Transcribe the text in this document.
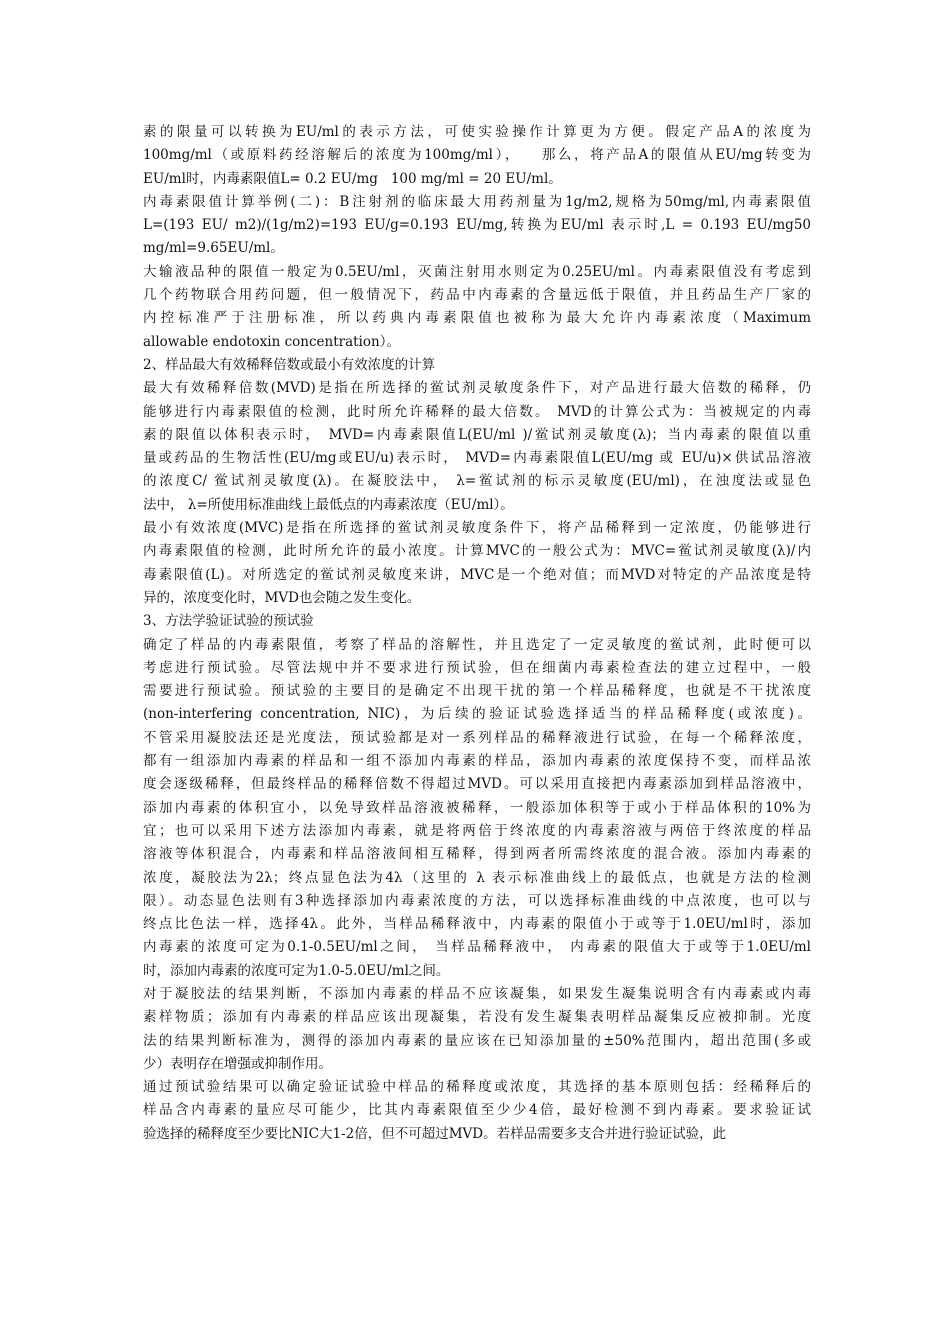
素的限量可以转换为EU/ml的表示方法，可使实验操作计算更为方便。假定产品A的浓度为
100mg/ml（或原料药经溶解后的浓度为100mg/ml），   那么，将产品A的限值从EU/mg转变为
EU/ml时，内毒素限值L= 0.2 EU/mg   100 mg/ml = 20 EU/ml。
内毒素限值计算举例(二)：B注射剂的临床最大用药剂量为1g/m2,规格为50mg/ml,内毒素限值
L=(193 EU/ m2)/(1g/m2)=193 EU/g=0.193 EU/mg,转换为EU/ml 表示时,L = 0.193 EU/mg50
mg/ml=9.65EU/ml。
大输液品种的限值一般定为0.5EU/ml，灭菌注射用水则定为0.25EU/ml。内毒素限值没有考虑到
几个药物联合用药问题，但一般情况下，药品中内毒素的含量远低于限值，并且药品生产厂家的
内控标准严于注册标准，所以药典内毒素限值也被称为最大允许内毒素浓度（Maximum
allowable endotoxin concentration）。
2、样品最大有效稀释倍数或最小有效浓度的计算
最大有效稀释倍数(MVD)是指在所选择的鲎试剂灵敏度条件下，对产品进行最大倍数的稀释，仍
能够进行内毒素限值的检测，此时所允许稀释的最大倍数。 MVD的计算公式为：当被规定的内毒
素的限值以体积表示时， MVD=内毒素限值L(EU/ml )/鲎试剂灵敏度(λ)；当内毒素的限值以重
量或药品的生物活性(EU/mg或EU/u)表示时， MVD=内毒素限值L(EU/mg 或 EU/u)×供试品溶液
的浓度C/ 鲎试剂灵敏度(λ)。在凝胶法中， λ=鲎试剂的标示灵敏度(EU/ml)，在浊度法或显色
法中， λ=所使用标准曲线上最低点的内毒素浓度（EU/ml）。
最小有效浓度(MVC)是指在所选择的鲎试剂灵敏度条件下，将产品稀释到一定浓度，仍能够进行
内毒素限值的检测，此时所允许的最小浓度。计算MVC的一般公式为：MVC=鲎试剂灵敏度(λ)/内
毒素限值(L)。对所选定的鲎试剂灵敏度来讲，MVC是一个绝对值；而MVD对特定的产品浓度是特
异的，浓度变化时，MVD也会随之发生变化。
3、方法学验证试验的预试验
确定了样品的内毒素限值，考察了样品的溶解性，并且选定了一定灵敏度的鲎试剂，此时便可以
考虑进行预试验。尽管法规中并不要求进行预试验，但在细菌内毒素检查法的建立过程中，一般
需要进行预试验。预试验的主要目的是确定不出现干扰的第一个样品稀释度，也就是不干扰浓度
(non-interfering concentration, NIC)，为后续的验证试验选择适当的样品稀释度(或浓度)。
不管采用凝胶法还是光度法，预试验都是对一系列样品的稀释液进行试验，在每一个稀释浓度，
都有一组添加内毒素的样品和一组不添加内毒素的样品，添加内毒素的浓度保持不变，而样品浓
度会逐级稀释，但最终样品的稀释倍数不得超过MVD。可以采用直接把内毒素添加到样品溶液中，
添加内毒素的体积宜小，以免导致样品溶液被稀释，一般添加体积等于或小于样品体积的10%为
宜；也可以采用下述方法添加内毒素，就是将两倍于终浓度的内毒素溶液与两倍于终浓度的样品
溶液等体积混合，内毒素和样品溶液间相互稀释，得到两者所需终浓度的混合液。添加内毒素的
浓度，凝胶法为2λ；终点显色法为4λ（这里的 λ 表示标准曲线上的最低点，也就是方法的检测
限）。动态显色法则有3种选择添加内毒素浓度的方法，可以选择标准曲线的中点浓度，也可以与
终点比色法一样，选择4λ。此外，当样品稀释液中，内毒素的限值小于或等于1.0EU/ml时，添加
内毒素的浓度可定为0.1-0.5EU/ml之间， 当样品稀释液中， 内毒素的限值大于或等于1.0EU/ml
时，添加内毒素的浓度可定为1.0-5.0EU/ml之间。
对于凝胶法的结果判断，不添加内毒素的样品不应该凝集，如果发生凝集说明含有内毒素或内毒
素样物质；添加有内毒素的样品应该出现凝集，若没有发生凝集表明样品凝集反应被抑制。光度
法的结果判断标准为，测得的添加内毒素的量应该在已知添加量的±50%范围内，超出范围(多或
少）表明存在增强或抑制作用。
通过预试验结果可以确定验证试验中样品的稀释度或浓度，其选择的基本原则包括：经稀释后的
样品含内毒素的量应尽可能少，比其内毒素限值至少少4倍，最好检测不到内毒素。要求验证试
验选择的稀释度至少要比NIC大1-2倍，但不可超过MVD。若样品需要多支合并进行验证试验，此
